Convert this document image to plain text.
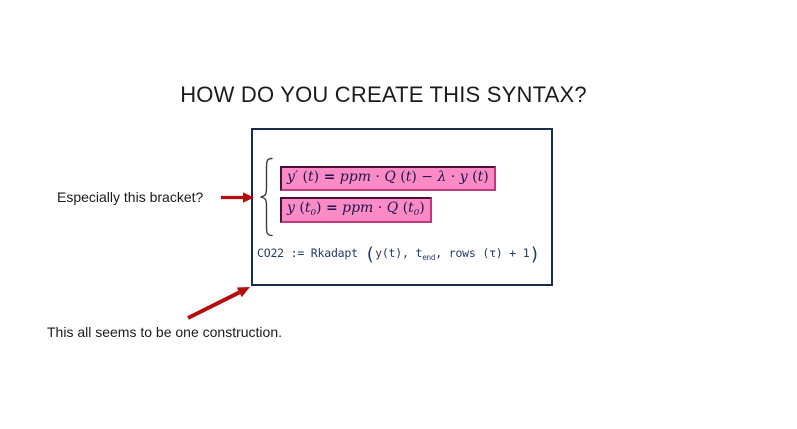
HOW DO YOU CREATE THIS SYNTAX?
y′ (t) = ppm · Q (t) − λ · y (t)
y $(t_0)$ = ppm · Q $(t_0)$
CO22 := Rkadapt (y(t), $t_{end}$, rows (τ) + 1)
Especially this bracket?
This all seems to be one construction.
